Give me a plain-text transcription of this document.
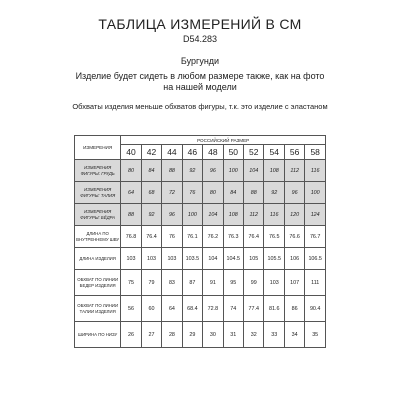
ТАБЛИЦА ИЗМЕРЕНИЙ В СМ
D54.283
Бургунди
Изделие будет сидеть в любом размере также, как на фото на нашей модели
Обхваты изделия меньше обхватов фигуры, т.к. это изделие с эластаном
ИЗМЕРЕНИЯ	РОССИЙСКИЙ РАЗМЕР									
	40	42	44	46	48	50	52	54	56	58
ИЗМЕРЕНИЯ ФИГУРЫ: ГРУДЬ	80	84	88	92	96	100	104	108	112	116
ИЗМЕРЕНИЯ ФИГУРЫ: ТАЛИЯ	64	68	72	76	80	84	88	92	96	100
ИЗМЕРЕНИЯ ФИГУРЫ: БЁДРА	88	92	96	100	104	108	112	116	120	124
ДЛИНА ПО ВНУТРЕННЕМУ ШВУ	76.8	76.4	76	76.1	76.2	76.3	76.4	76.5	76.6	76.7
ДЛИНА ИЗДЕЛИЯ	103	103	103	103.5	104	104.5	105	105.5	106	106.5
ОБХВАТ ПО ЛИНИИ БЕДЕР ИЗДЕЛИЯ	75	79	83	87	91	95	99	103	107	111
ОБХВАТ ПО ЛИНИИ ТАЛИИ ИЗДЕЛИЯ	56	60	64	68.4	72.8	74	77.4	81.6	86	90.4
ШИРИНА ПО НИЗУ	26	27	28	29	30	31	32	33	34	35
